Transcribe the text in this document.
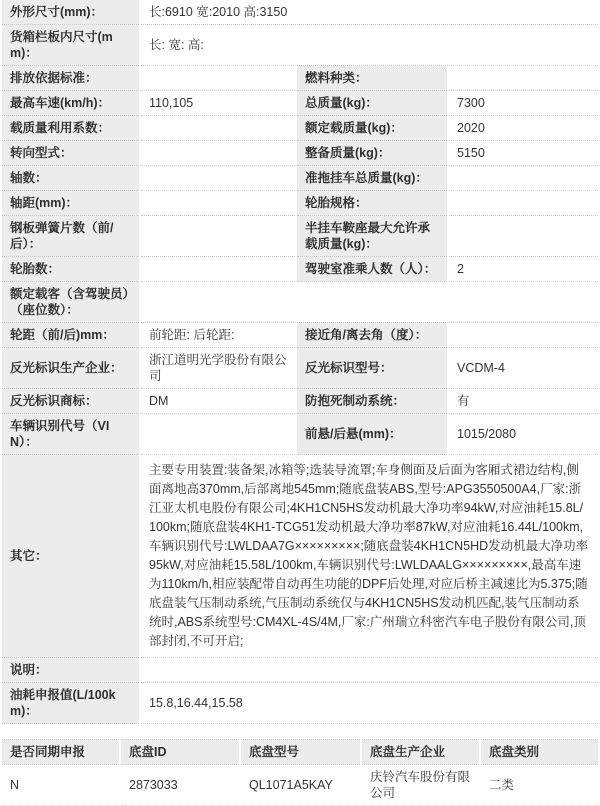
外形尺寸(mm)：	长:6910 宽:2010 高:3150		
货箱栏板内尺寸(mm)：	长: 宽: 高:		
排放依据标准：		燃料种类：	
最高车速(km/h)：	110,105	总质量(kg)：	7300
载质量利用系数：		额定载质量(kg)：	2020
转向型式：		整备质量(kg)：	5150
轴数：		准拖挂车总质量(kg)：	
轴距(mm)：		轮胎规格：	
钢板弹簧片数（前/后）：		半挂车鞍座最大允许承载质量(kg)：	
轮胎数：		驾驶室准乘人数（人）：	2
额定载客（含驾驶员）（座位数）：			
轮距（前/后)mm：	前轮距: 后轮距:	接近角/离去角（度）：	
反光标识生产企业：	浙江道明光学股份有限公司	反光标识型号：	VCDM-4
反光标识商标：	DM	防抱死制动系统：	有
车辆识别代号（VIN）：		前悬/后悬(mm)：	1015/2080
其它：	主要专用装置:装备架,冰箱等;选装导流罩;车身侧面及后面为客厢式裙边结构,侧面离地高370mm,后部离地545mm;随底盘装ABS,型号:APG3550500A4,厂家:浙江亚太机电股份有限公司;4KH1CN5HS发动机最大净功率94kW,对应油耗15.8L/100km;随底盘装4KH1-TCG51发动机最大净功率87kW,对应油耗16.44L/100km,车辆识别代号:LWLDAA7G×××××××××;随底盘装4KH1CN5HD发动机最大净功率95kW,对应油耗15.58L/100km,车辆识别代号:LWLDAALG×××××××××,最高车速为110km/h,相应装配带自动再生功能的DPF后处理,对应后桥主减速比为5.375;随底盘装气压制动系统,气压制动系统仅与4KH1CN5HS发动机匹配,装气压制动系统时,ABS系统型号:CM4XL-4S/4M,厂家:广州瑞立科密汽车电子股份有限公司,顶部封闭,不可开启;		
说明：			
油耗申报值(L/100km)：	15.8,16.44,15.58		
是否同期申报	底盘ID	底盘型号	底盘生产企业	底盘类别
N	2873033	QL1071A5KAY	庆铃汽车股份有限公司	二类
